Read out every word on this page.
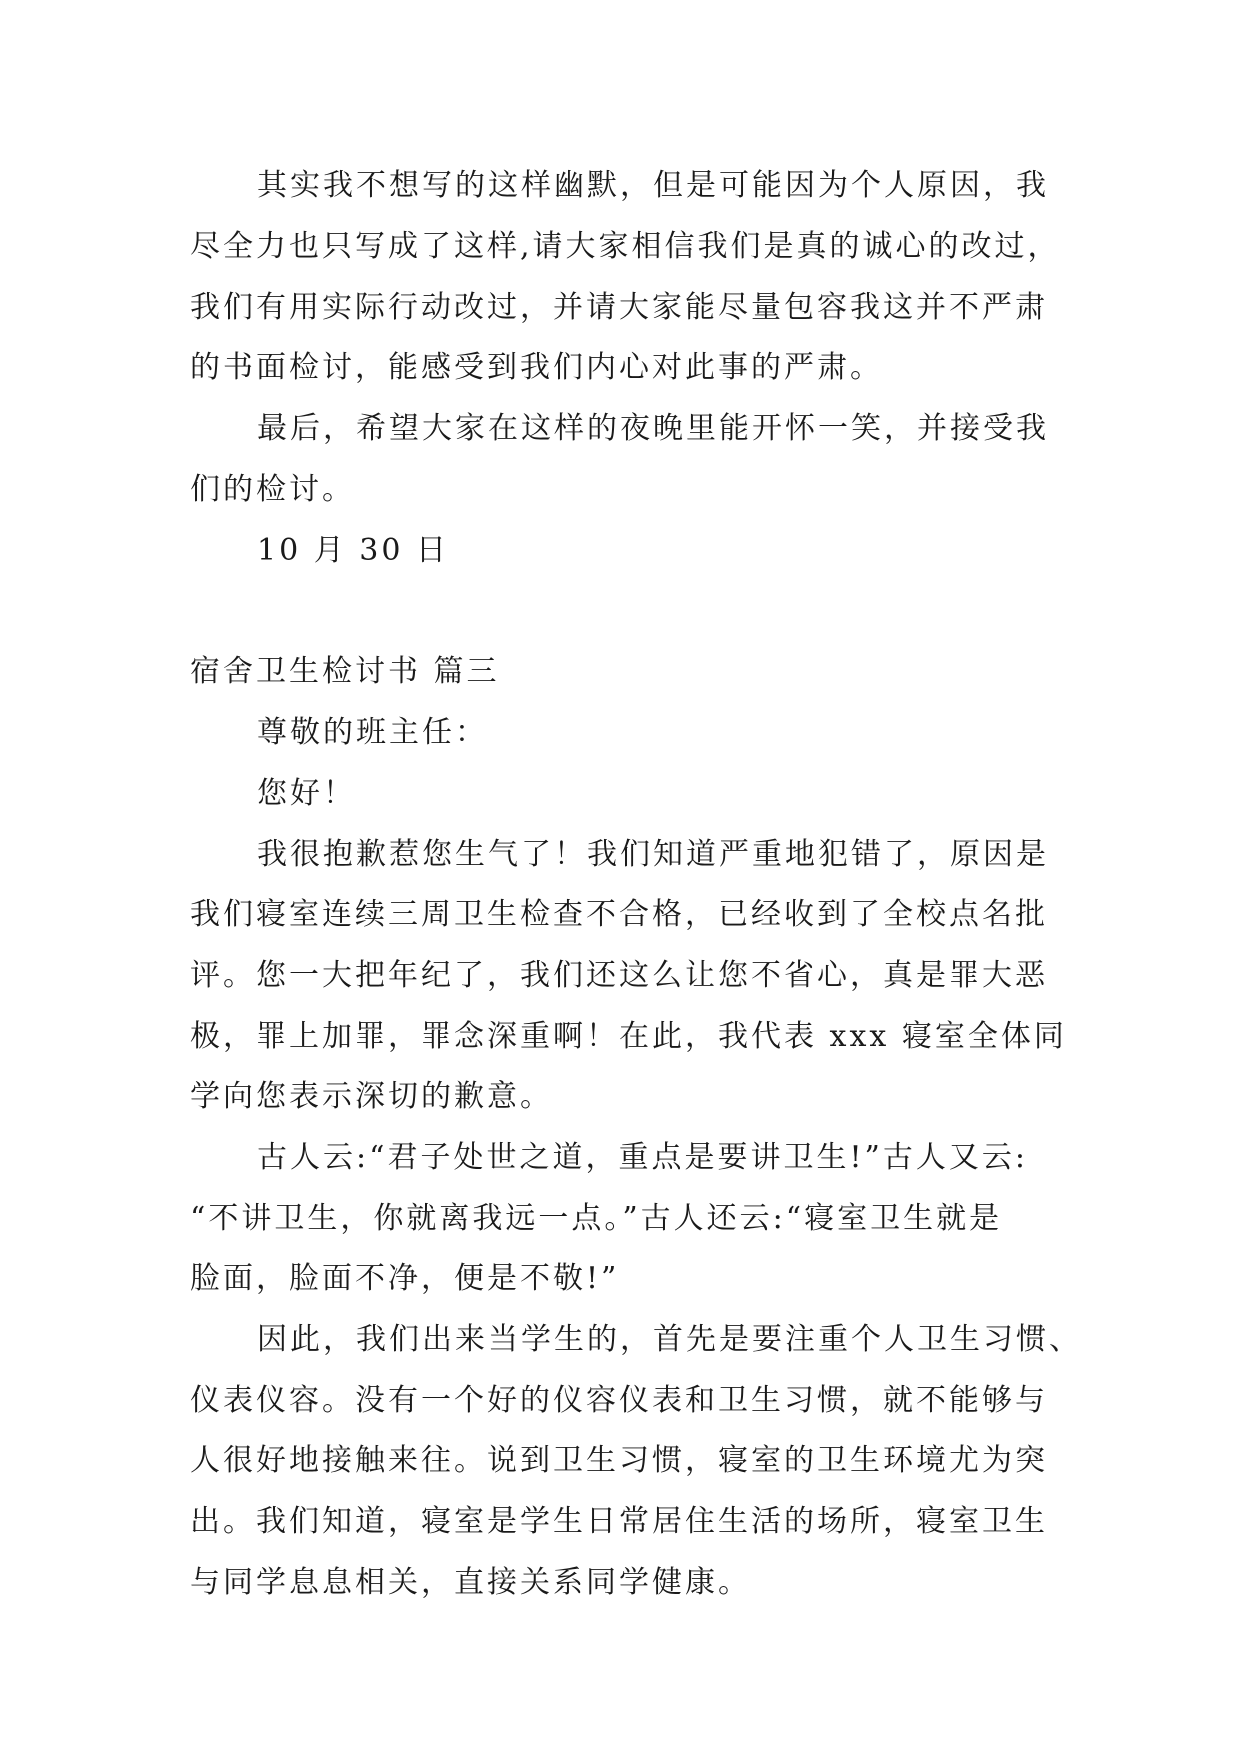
其实我不想写的这样幽默，但是可能因为个人原因，我
尽全力也只写成了这样,请大家相信我们是真的诚心的改过，
我们有用实际行动改过，并请大家能尽量包容我这并不严肃
的书面检讨，能感受到我们内心对此事的严肃。
最后，希望大家在这样的夜晚里能开怀一笑，并接受我
们的检讨。
10 月 30 日
宿舍卫生检讨书 篇三
尊敬的班主任：
您好！
我很抱歉惹您生气了！我们知道严重地犯错了，原因是
我们寝室连续三周卫生检查不合格，已经收到了全校点名批
评。您一大把年纪了，我们还这么让您不省心，真是罪大恶
极，罪上加罪，罪念深重啊！在此，我代表 xxx 寝室全体同
学向您表示深切的歉意。
古人云:“君子处世之道，重点是要讲卫生!”古人又云:
“不讲卫生，你就离我远一点。”古人还云:“寝室卫生就是
脸面，脸面不净，便是不敬!”
因此，我们出来当学生的，首先是要注重个人卫生习惯、
仪表仪容。没有一个好的仪容仪表和卫生习惯，就不能够与
人很好地接触来往。说到卫生习惯，寝室的卫生环境尤为突
出。我们知道，寝室是学生日常居住生活的场所，寝室卫生
与同学息息相关，直接关系同学健康。
